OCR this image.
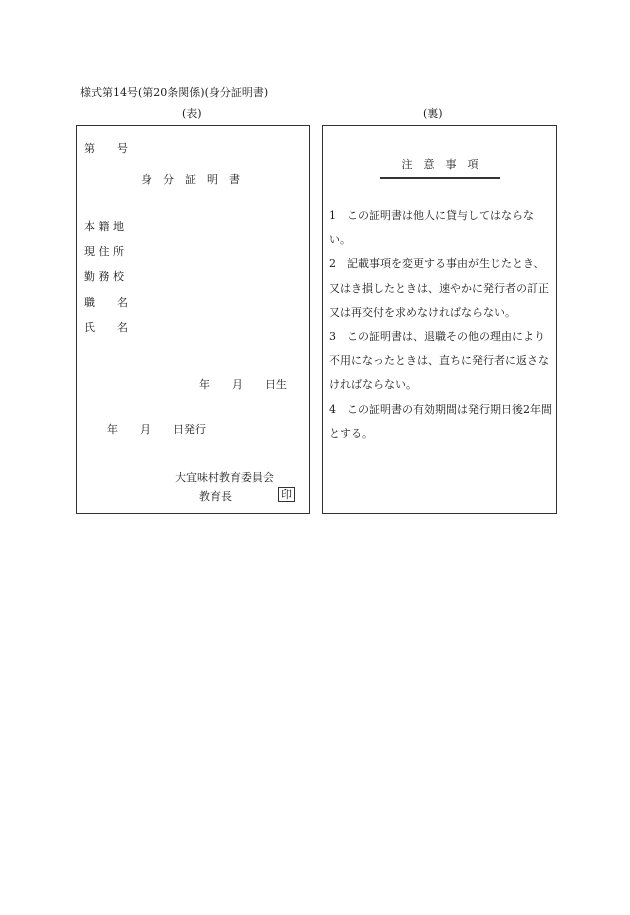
様式第14号(第20条関係)(身分証明書)
(表)	(裏)
第　　号
身　分　証　明　書
本 籍 地
現 住 所
勤 務 校
職　　名
氏　　名
年　　月　　日生
年　　月　　日発行
大宜味村教育委員会
教育長	印
注　意　事　項

1　この証明書は他人に貸与してはならない。

2　記載事項を変更する事由が生じたとき、又はき損したときは、速やかに発行者の訂正又は再交付を求めなければならない。

3　この証明書は、退職その他の理由により不用になったときは、直ちに発行者に返さなければならない。

4　この証明書の有効期間は発行期日後2年間とする。
